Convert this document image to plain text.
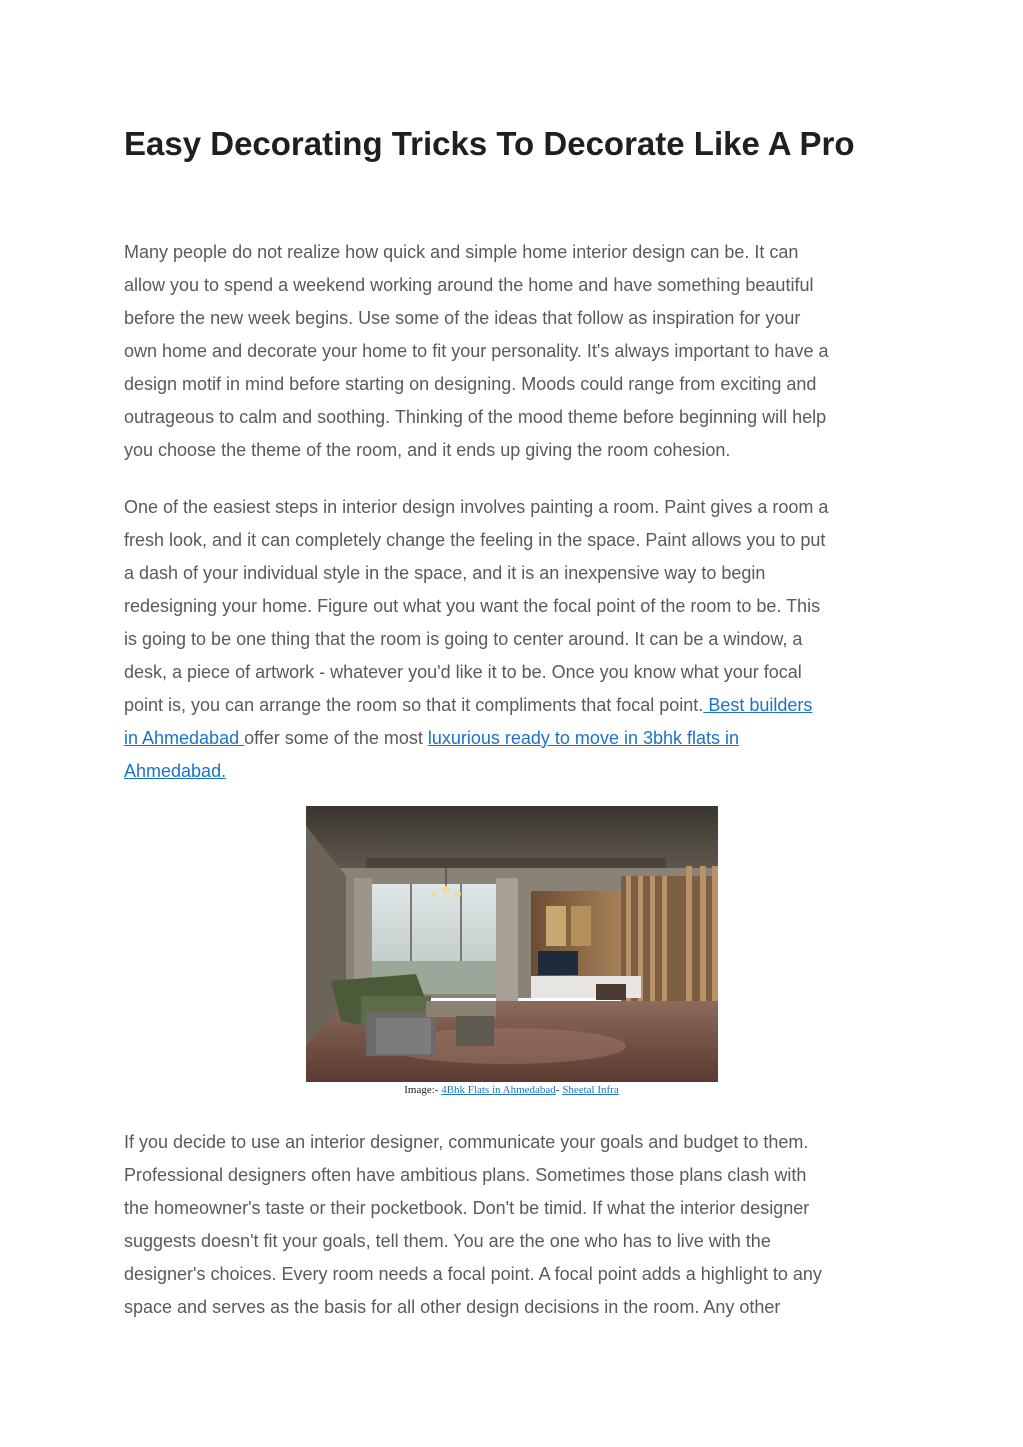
Easy Decorating Tricks To Decorate Like A Pro

Many people do not realize how quick and simple home interior design can be. It can
allow you to spend a weekend working around the home and have something beautiful
before the new week begins. Use some of the ideas that follow as inspiration for your
own home and decorate your home to fit your personality. It's always important to have a
design motif in mind before starting on designing. Moods could range from exciting and
outrageous to calm and soothing. Thinking of the mood theme before beginning will help
you choose the theme of the room, and it ends up giving the room cohesion.

One of the easiest steps in interior design involves painting a room. Paint gives a room a
fresh look, and it can completely change the feeling in the space. Paint allows you to put
a dash of your individual style in the space, and it is an inexpensive way to begin
redesigning your home. Figure out what you want the focal point of the room to be. This
is going to be one thing that the room is going to center around. It can be a window, a
desk, a piece of artwork - whatever you'd like it to be. Once you know what your focal
point is, you can arrange the room so that it compliments that focal point. Best builders
in Ahmedabad offer some of the most luxurious ready to move in 3bhk flats in
Ahmedabad.

Image:- 4Bhk Flats in Ahmedabad- Sheetal Infra

If you decide to use an interior designer, communicate your goals and budget to them.
Professional designers often have ambitious plans. Sometimes those plans clash with
the homeowner's taste or their pocketbook. Don't be timid. If what the interior designer
suggests doesn't fit your goals, tell them. You are the one who has to live with the
designer's choices. Every room needs a focal point. A focal point adds a highlight to any
space and serves as the basis for all other design decisions in the room. Any other
